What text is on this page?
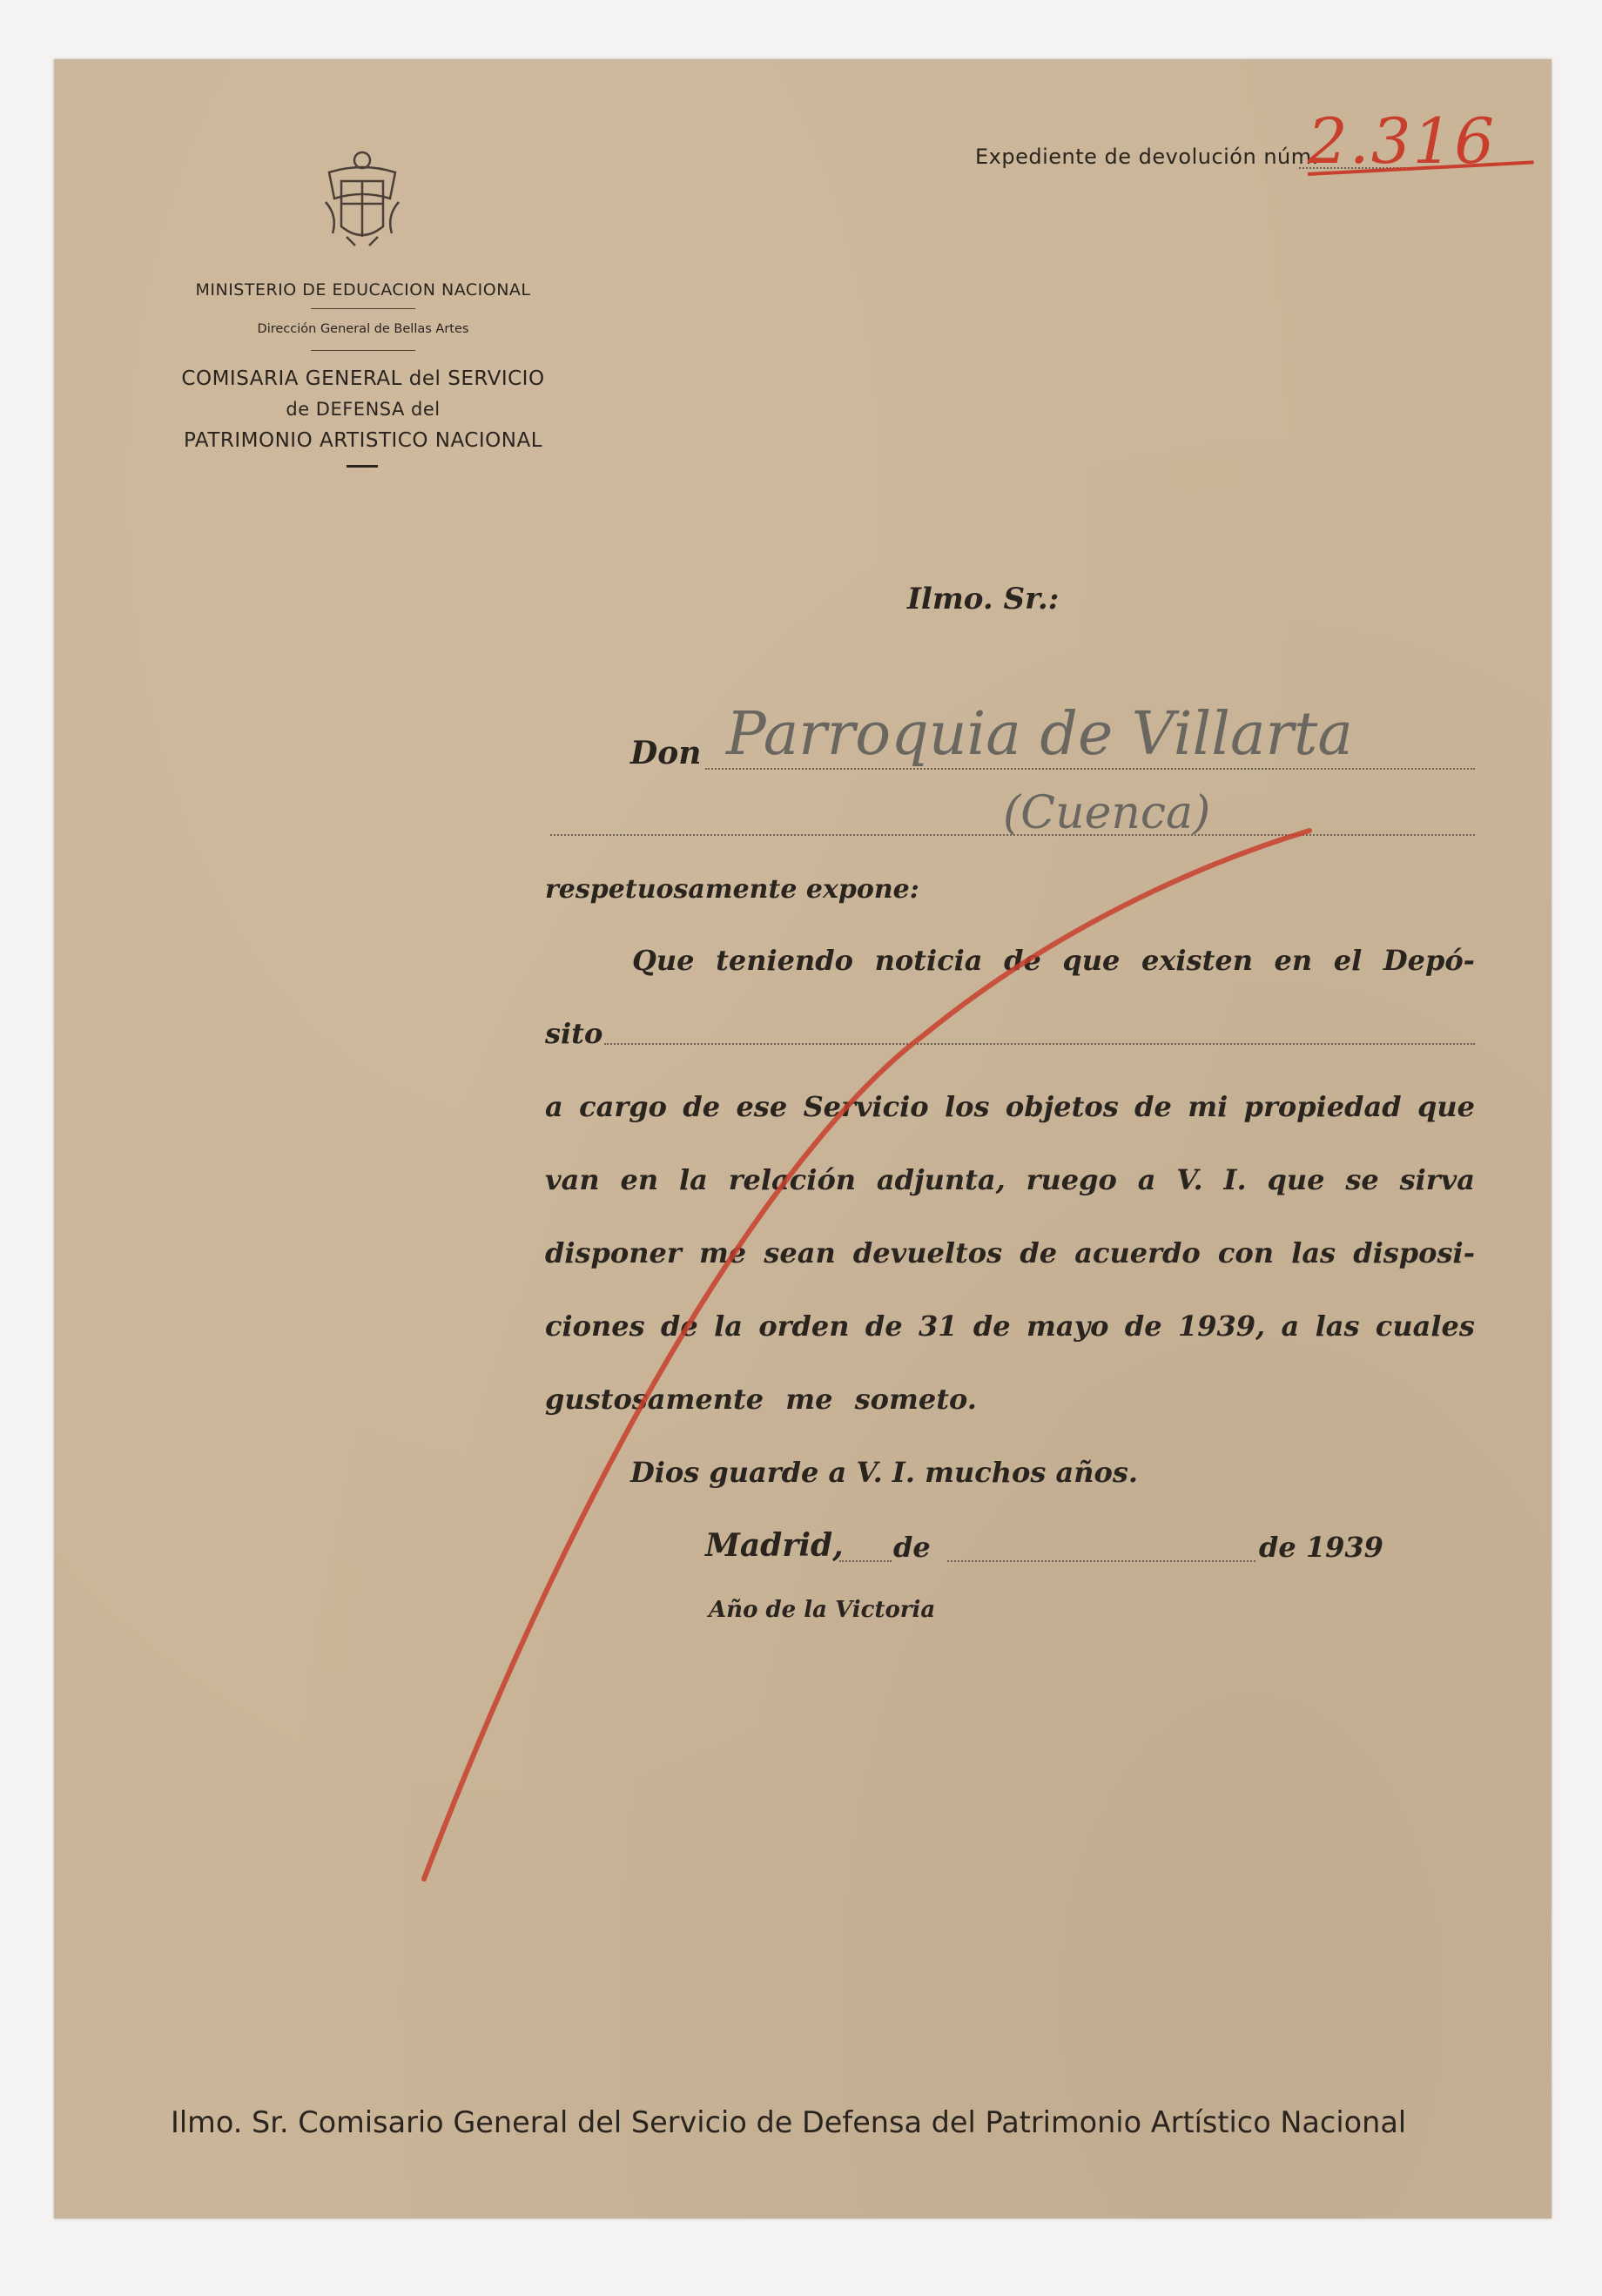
MINISTERIO DE EDUCACION NACIONAL
Dirección General de Bellas Artes
COMISARIA GENERAL del SERVICIO
de DEFENSA del
PATRIMONIO ARTISTICO NACIONAL
Expediente de devolución núm.
2.316
Ilmo. Sr.:
Don Parroquia de Villarta
(Cuenca)
respetuosamente expone:
Que teniendo noticia de que existen en el Depó-
sito
a cargo de ese Servicio los objetos de mi propiedad que
van en la relación adjunta, ruego a V. I. que se sirva
disponer me sean devueltos de acuerdo con las disposi-
ciones de la orden de 31 de mayo de 1939, a las cuales
gustosamente me someto.
Dios guarde a V. I. muchos años.
Madrid, de	de 1939
Año de la Victoria
Ilmo. Sr. Comisario General del Servicio de Defensa del Patrimonio Artístico Nacional
